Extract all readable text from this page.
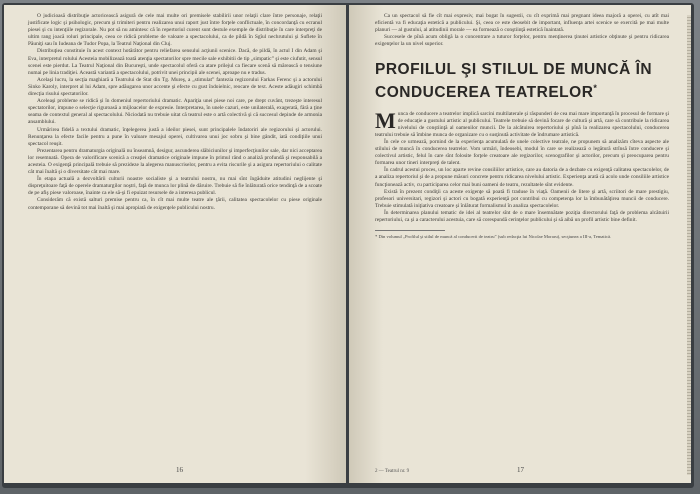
O judicioasă distribuţie actoricească asigură de cele mai multe ori premisele stabilirii unor relaţii clare între personaje, relaţii justificate logic şi psihologic, precum şi trimiteri pentru realizarea unui raport just între forţele conflictuale, în concordanţă cu ecranul piesei şi cu intenţiile regizorale. Nu pot să nu amintesc că în repertoriul curent sunt destule exemple de distribuţie în care interpreţi de ultim rang joacă roluri principale, ceea ce ridică probleme de valoare a spectacolului, ca de pildă în Sgîul nechrutului şi Suflete în Păuniţi sau în Iudeana de Tudor Popa, la Teatrul Naţional din Cluj.

Distribuţiea constituie în acest context hotărâtor pentru reliefarea sensului acţiunii scenice. Dacă, de pildă, în actul I din Adam şi Eva, interpretul rolului Acesteia mobilizează toată atenţia spectatorilor spre mecile sale exhibitii de tip „simpatic” şi este ciufutit, sensul scenei este pierdut. La Teatrul Naţional din Bucureşti, unde spectacolul oferă ca atare prilejul ca fiecare scenă să mărească o tensiune numai pe linia tradiţiei. Această variantă a spectacolului, potrivit unei principii ale scenei, aproape nu e tradus.

Acelaşi lucru, la secţia maghiară a Teatrului de Stat din Tg. Mureş, a „stimulat” fantezia regizorului Farkas Ferenc şi a actorului Sinko Karoly, interpret al lui Adam, spre adăugarea unor accente şi efecte cu gust îndoielnic, reocare de text. Aceste adăugiri schimbă direcţia risului spectatorilor.

Aceleaşi probleme se ridică şi în domeniul repertoriului dramatic. Apariţia unei piese noi care, pe drept cuvânt, trezeşte interesul spectatorilor, impune o selecţie riguroasă a mijloacelor de expresie. Interpretarea, în unele cazuri, este unilaterală, exagerată, fără a ţine seama de contextul general al spectacolului. Niciodată nu trebuie uitat că teatrul este o artă colectivă şi că succesul depinde de armonia ansamblului.

Urmărirea fidelă a textului dramatic, înţelegerea justă a ideilor piesei, sunt principalele îndatoriri ale regizorului şi actorului. Renunţarea la efecte facile pentru a pune în valoare mesajul operei, cultivarea unui joc sobru şi bine gândit, iată condiţiile unui spectacol reuşit.

Prezentarea pentru dramaturgia originală nu înseamnă, desigur, ascunderea slăbiciunilor şi imperfecţiunilor sale, dar nici acceptarea lor resemnată. Opera de valorificare scenică a creaţiei dramatice originale impune în primul rând o analiză profundă şi responsabilă a acesteia. O exigenţă principală trebuie să prezideze la alegerea manuscriselor, pentru a evita riscurile şi a asigura repertoriului o calitate cât mai înaltă şi o diversitate cât mai mare.

În etapa actuală a dezvoltării culturii noastre socialiste şi a teatrului nostru, nu mai sînt îngăduite atitudini neglijente şi dispreţuitoare faţă de operele dramaturgilor noştri, faţă de munca lor plină de dăruire. Trebuie să fie înlăturată orice tendinţă de a scoate de pe afiş piese valoroase, înainte ca ele să-şi fi epuizat resursele de a interesa publicul.

Considerăm că există salturi premise pentru ca, în cît mai multe teatre ale ţării, calitatea spectacolelor cu piese originale contemporane să devină tot mai înaltă şi mai apropiată de exigenţele publicului nostru.

16

Ca un spectacol să fie cît mai expresiv, mai bogat în sugestii, cu cît exprimă mai pregnant ideea majoră a operei, cu atît mai eficientă va fi educaţia estetică a publicului. Şi, ceea ce este deosebit de important, influenţa artei scenice se exercită pe mai multe planuri — al gustului, al atitudinii morale — ea formează o conştiinţă estetică înaintată.

Succesele de pînă acum obligă la o concentrare a tuturor forţelor, pentru menţinerea ţinutei artistice obţinute şi pentru ridicarea exigenţelor la un nivel superior.

PROFILUL ŞI STILUL DE MUNCĂ ÎN CONDUCEREA TEATRELOR*
M unca de conducere a teatrelor implică sarcini multilaterale şi răspunderi de cea mai mare importanţă în procesul de formare şi de educaţie a gustului artistic al publicului. Teatrele trebuie să devină focare de cultură şi artă, care să contribuie la ridicarea nivelului de conştiinţă al oamenilor muncii. De la alcătuirea repertoriului şi pînă la realizarea spectacolului, conducerea teatrului trebuie să îmbine munca de organizare cu o susţinută activitate de îndrumare artistică.

În cele ce urmează, pornind de la experienţa acumulată de unele colective teatrale, ne propunem să analizăm cîteva aspecte ale stilului de muncă în conducerea teatrelor. Vom urmări, îndeosebi, modul în care se realizează o legătură strînsă între conducere şi colectivul artistic, felul în care sînt folosite forţele creatoare ale regizorilor, scenografilor şi actorilor, precum şi preocuparea pentru formarea unor tineri interpreţi de talent.

În cadrul acestui proces, un loc aparte revine consiliilor artistice, care au datoria de a dezbate cu exigenţă calitatea spectacolelor, de a analiza repertoriul şi de a propune măsuri concrete pentru ridicarea nivelului artistic. Experienţa arată că acolo unde consiliile artistice funcţionează activ, cu participarea celor mai buni oameni de teatru, rezultatele sînt evidente.

Există în prezent condiţii ca aceste exigenţe să poată fi traduse în viaţă. Oamenii de litere şi artă, scriitori de mare prestigiu, profesori universitari, regizori şi actori cu bogată experienţă pot contribui cu competenţa lor la îmbunătăţirea muncii de conducere. Trebuie stimulată iniţiativa creatoare şi înlăturat formalismul în analiza spectacolelor.

În determinarea planului tematic de idei al teatrelor sînt de o mare însemnătate poziţia directorului faţă de problema alcătuirii repertoriului, ca şi a caracterului acestuia, care să corespundă cerinţelor publicului şi să aibă un profil artistic bine definit.

* Din volumul „Profilul şi stilul de muncă al conducerii de teatru” (sub redacţia lui Nicolae Moraru), secţiunea a III-a, Tematică.
2 — Teatrul nr. 9	17
